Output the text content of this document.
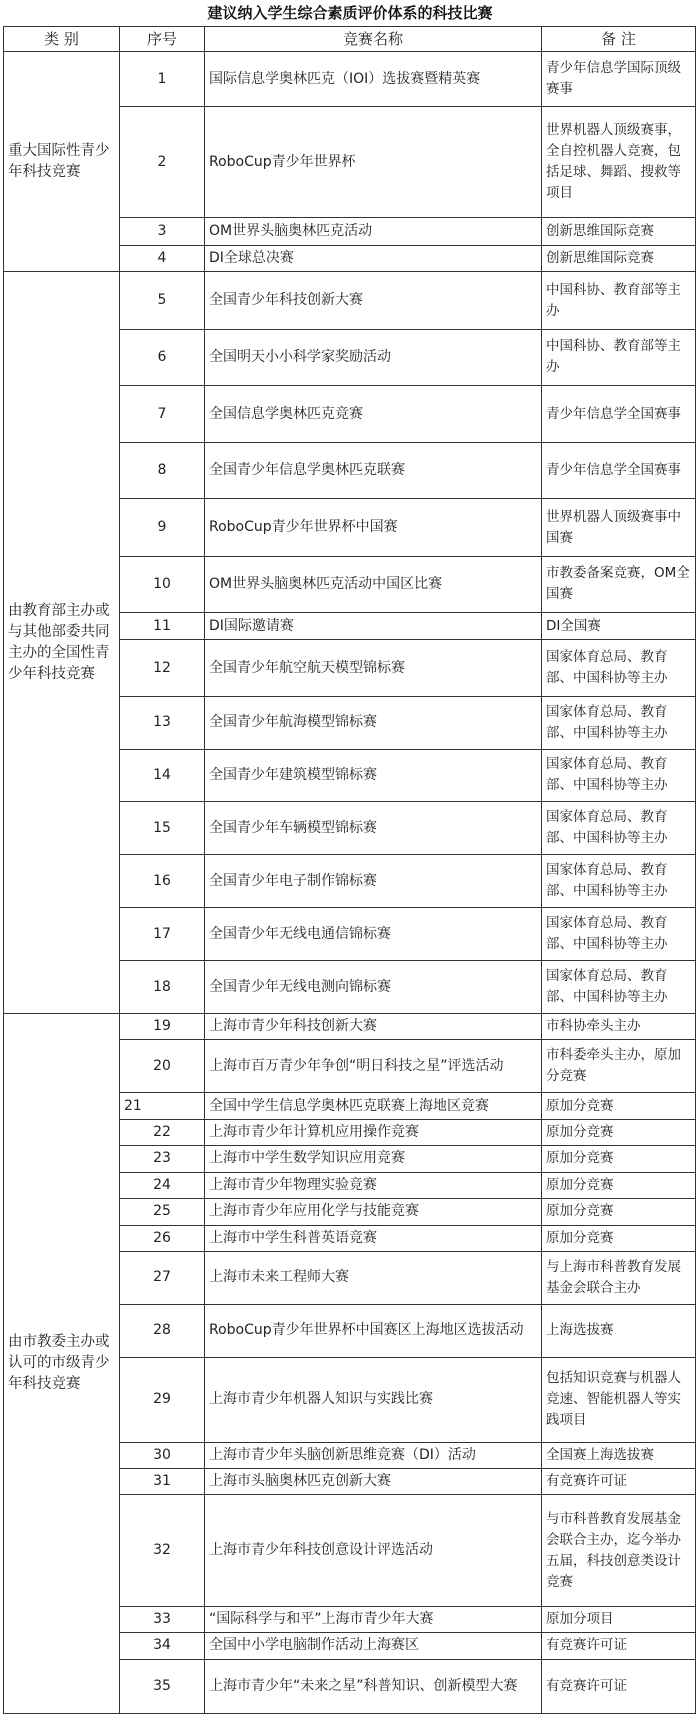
建议纳入学生综合素质评价体系的科技比赛
类 别	序号	竞赛名称	备 注
重大国际性青少年科技竞赛	1	国际信息学奥林匹克（IOI）选拔赛暨精英赛	青少年信息学国际顶级赛事
	2	RoboCup青少年世界杯	世界机器人顶级赛事，全自控机器人竞赛，包括足球、舞蹈、搜救等项目
	3	OM世界头脑奥林匹克活动	创新思维国际竞赛
	4	DI全球总决赛	创新思维国际竞赛
由教育部主办或与其他部委共同主办的全国性青少年科技竞赛	5	全国青少年科技创新大赛	中国科协、教育部等主办
	6	全国明天小小科学家奖励活动	中国科协、教育部等主办
	7	全国信息学奥林匹克竞赛	青少年信息学全国赛事
	8	全国青少年信息学奥林匹克联赛	青少年信息学全国赛事
	9	RoboCup青少年世界杯中国赛	世界机器人顶级赛事中国赛
	10	OM世界头脑奥林匹克活动中国区比赛	市教委备案竞赛，OM全国赛
	11	DI国际邀请赛	DI全国赛
	12	全国青少年航空航天模型锦标赛	国家体育总局、教育部、中国科协等主办
	13	全国青少年航海模型锦标赛	国家体育总局、教育部、中国科协等主办
	14	全国青少年建筑模型锦标赛	国家体育总局、教育部、中国科协等主办
	15	全国青少年车辆模型锦标赛	国家体育总局、教育部、中国科协等主办
	16	全国青少年电子制作锦标赛	国家体育总局、教育部、中国科协等主办
	17	全国青少年无线电通信锦标赛	国家体育总局、教育部、中国科协等主办
	18	全国青少年无线电测向锦标赛	国家体育总局、教育部、中国科协等主办
由市教委主办或认可的市级青少年科技竞赛	19	上海市青少年科技创新大赛	市科协牵头主办
	20	上海市百万青少年争创“明日科技之星”评选活动	市科委牵头主办，原加分竞赛
	21	全国中学生信息学奥林匹克联赛上海地区竞赛	原加分竞赛
	22	上海市青少年计算机应用操作竞赛	原加分竞赛
	23	上海市中学生数学知识应用竞赛	原加分竞赛
	24	上海市青少年物理实验竞赛	原加分竞赛
	25	上海市青少年应用化学与技能竞赛	原加分竞赛
	26	上海市中学生科普英语竞赛	原加分竞赛
	27	上海市未来工程师大赛	与上海市科普教育发展基金会联合主办
	28	RoboCup青少年世界杯中国赛区上海地区选拔活动	上海选拔赛
	29	上海市青少年机器人知识与实践比赛	包括知识竞赛与机器人竞速、智能机器人等实践项目
	30	上海市青少年头脑创新思维竞赛（DI）活动	全国赛上海选拔赛
	31	上海市头脑奥林匹克创新大赛	有竞赛许可证
	32	上海市青少年科技创意设计评选活动	与市科普教育发展基金会联合主办，迄今举办五届，科技创意类设计竞赛
	33	“国际科学与和平”上海市青少年大赛	原加分项目
	34	全国中小学电脑制作活动上海赛区	有竞赛许可证
	35	上海市青少年“未来之星”科普知识、创新模型大赛	有竞赛许可证
